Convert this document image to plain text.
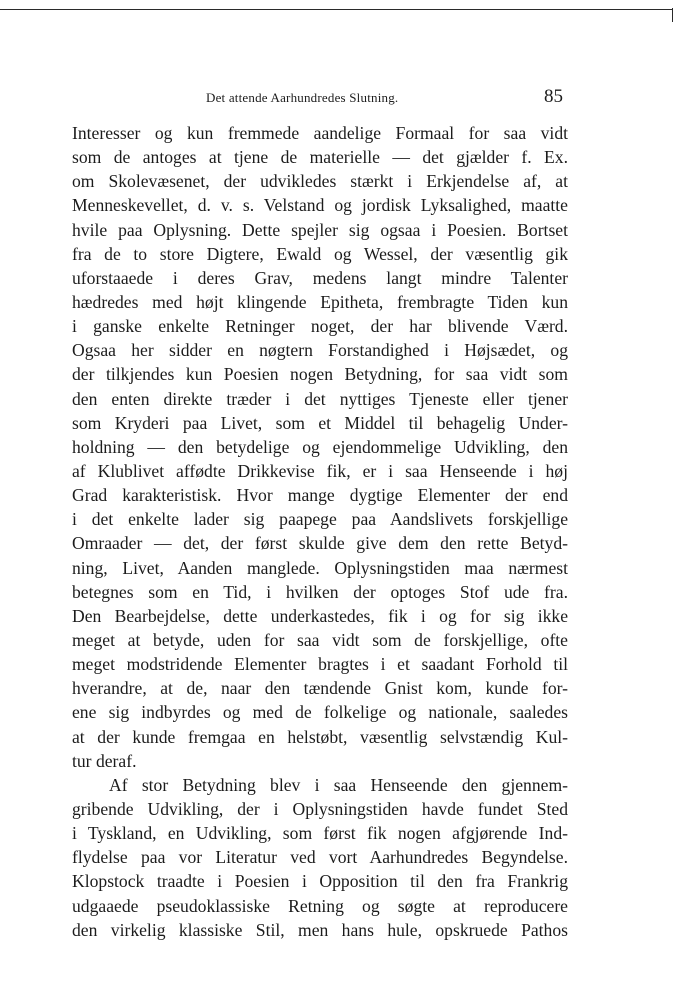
Det attende Aarhundredes Slutning.	85
Interesser og kun fremmede aandelige Formaal for saa vidt
som de antoges at tjene de materielle — det gjælder f. Ex.
om Skolevæsenet, der udvikledes stærkt i Erkjendelse af, at
Menneskevellet, d. v. s. Velstand og jordisk Lyksalighed, maatte
hvile paa Oplysning. Dette spejler sig ogsaa i Poesien. Bortset
fra de to store Digtere, Ewald og Wessel, der væsentlig gik
uforstaaede i deres Grav, medens langt mindre Talenter
hædredes med højt klingende Epitheta, frembragte Tiden kun
i ganske enkelte Retninger noget, der har blivende Værd.
Ogsaa her sidder en nøgtern Forstandighed i Højsædet, og
der tilkjendes kun Poesien nogen Betydning, for saa vidt som
den enten direkte træder i det nyttiges Tjeneste eller tjener
som Kryderi paa Livet, som et Middel til behagelig Under-
holdning — den betydelige og ejendommelige Udvikling, den
af Klublivet affødte Drikkevise fik, er i saa Henseende i høj
Grad karakteristisk. Hvor mange dygtige Elementer der end
i det enkelte lader sig paapege paa Aandslivets forskjellige
Omraader — det, der først skulde give dem den rette Betyd-
ning, Livet, Aanden manglede. Oplysningstiden maa nærmest
betegnes som en Tid, i hvilken der optoges Stof ude fra.
Den Bearbejdelse, dette underkastedes, fik i og for sig ikke
meget at betyde, uden for saa vidt som de forskjellige, ofte
meget modstridende Elementer bragtes i et saadant Forhold til
hverandre, at de, naar den tændende Gnist kom, kunde for-
ene sig indbyrdes og med de folkelige og nationale, saaledes
at der kunde fremgaa en helstøbt, væsentlig selvstændig Kul-
tur deraf.
Af stor Betydning blev i saa Henseende den gjennem-
gribende Udvikling, der i Oplysningstiden havde fundet Sted
i Tyskland, en Udvikling, som først fik nogen afgjørende Ind-
flydelse paa vor Literatur ved vort Aarhundredes Begyndelse.
Klopstock traadte i Poesien i Opposition til den fra Frankrig
udgaaede pseudoklassiske Retning og søgte at reproducere
den virkelig klassiske Stil, men hans hule, opskruede Pathos
